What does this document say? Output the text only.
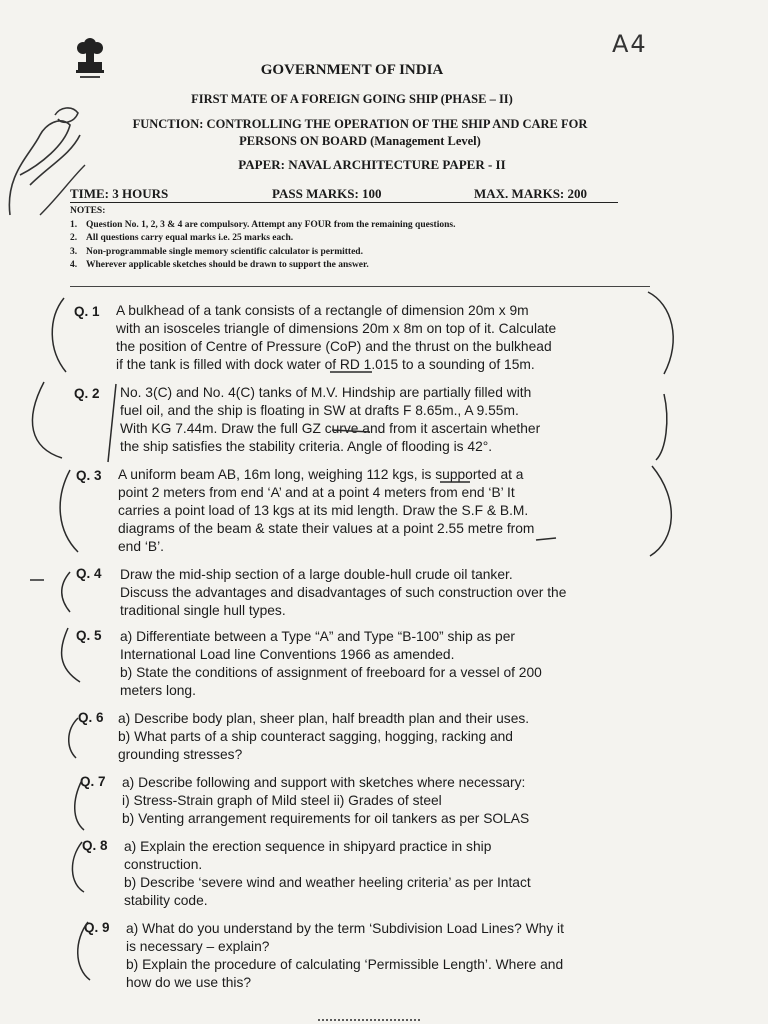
A4
GOVERNMENT OF INDIA
FIRST MATE OF A FOREIGN GOING SHIP (PHASE – II)
FUNCTION: CONTROLLING THE OPERATION OF THE SHIP AND CARE FOR
PERSONS ON BOARD (Management Level)
PAPER: NAVAL ARCHITECTURE PAPER - II
TIME: 3 HOURS	PASS MARKS: 100	MAX. MARKS: 200
NOTES:
1. Question No. 1, 2, 3 & 4 are compulsory. Attempt any FOUR from the remaining questions.
2. All questions carry equal marks i.e. 25 marks each.
3. Non-programmable single memory scientific calculator is permitted.
4. Wherever applicable sketches should be drawn to support the answer.
Q. 1 A bulkhead of a tank consists of a rectangle of dimension 20m x 9m
with an isosceles triangle of dimensions 20m x 8m on top of it. Calculate
the position of Centre of Pressure (CoP) and the thrust on the bulkhead
if the tank is filled with dock water of RD 1.015 to a sounding of 15m.
Q. 2 No. 3(C) and No. 4(C) tanks of M.V. Hindship are partially filled with
fuel oil, and the ship is floating in SW at drafts F 8.65m., A 9.55m.
With KG 7.44m. Draw the full GZ curve and from it ascertain whether
the ship satisfies the stability criteria. Angle of flooding is 42°.
Q. 3 A uniform beam AB, 16m long, weighing 112 kgs, is supported at a
point 2 meters from end ‘A’ and at a point 4 meters from end ‘B’ It
carries a point load of 13 kgs at its mid length. Draw the S.F & B.M.
diagrams of the beam & state their values at a point 2.55 metre from
end ‘B’.
Q. 4 Draw the mid-ship section of a large double-hull crude oil tanker.
Discuss the advantages and disadvantages of such construction over the
traditional single hull types.
Q. 5 a) Differentiate between a Type “A” and Type “B-100” ship as per
International Load line Conventions 1966 as amended.
b) State the conditions of assignment of freeboard for a vessel of 200
meters long.
Q. 6 a) Describe body plan, sheer plan, half breadth plan and their uses.
b) What parts of a ship counteract sagging, hogging, racking and
grounding stresses?
Q. 7 a) Describe following and support with sketches where necessary:
i) Stress-Strain graph of Mild steel ii) Grades of steel
b) Venting arrangement requirements for oil tankers as per SOLAS
Q. 8 a) Explain the erection sequence in shipyard practice in ship
construction.
b) Describe ‘severe wind and weather heeling criteria’ as per Intact
stability code.
Q. 9 a) What do you understand by the term ‘Subdivision Load Lines? Why it
is necessary – explain?
b) Explain the procedure of calculating ‘Permissible Length’. Where and
how do we use this?
